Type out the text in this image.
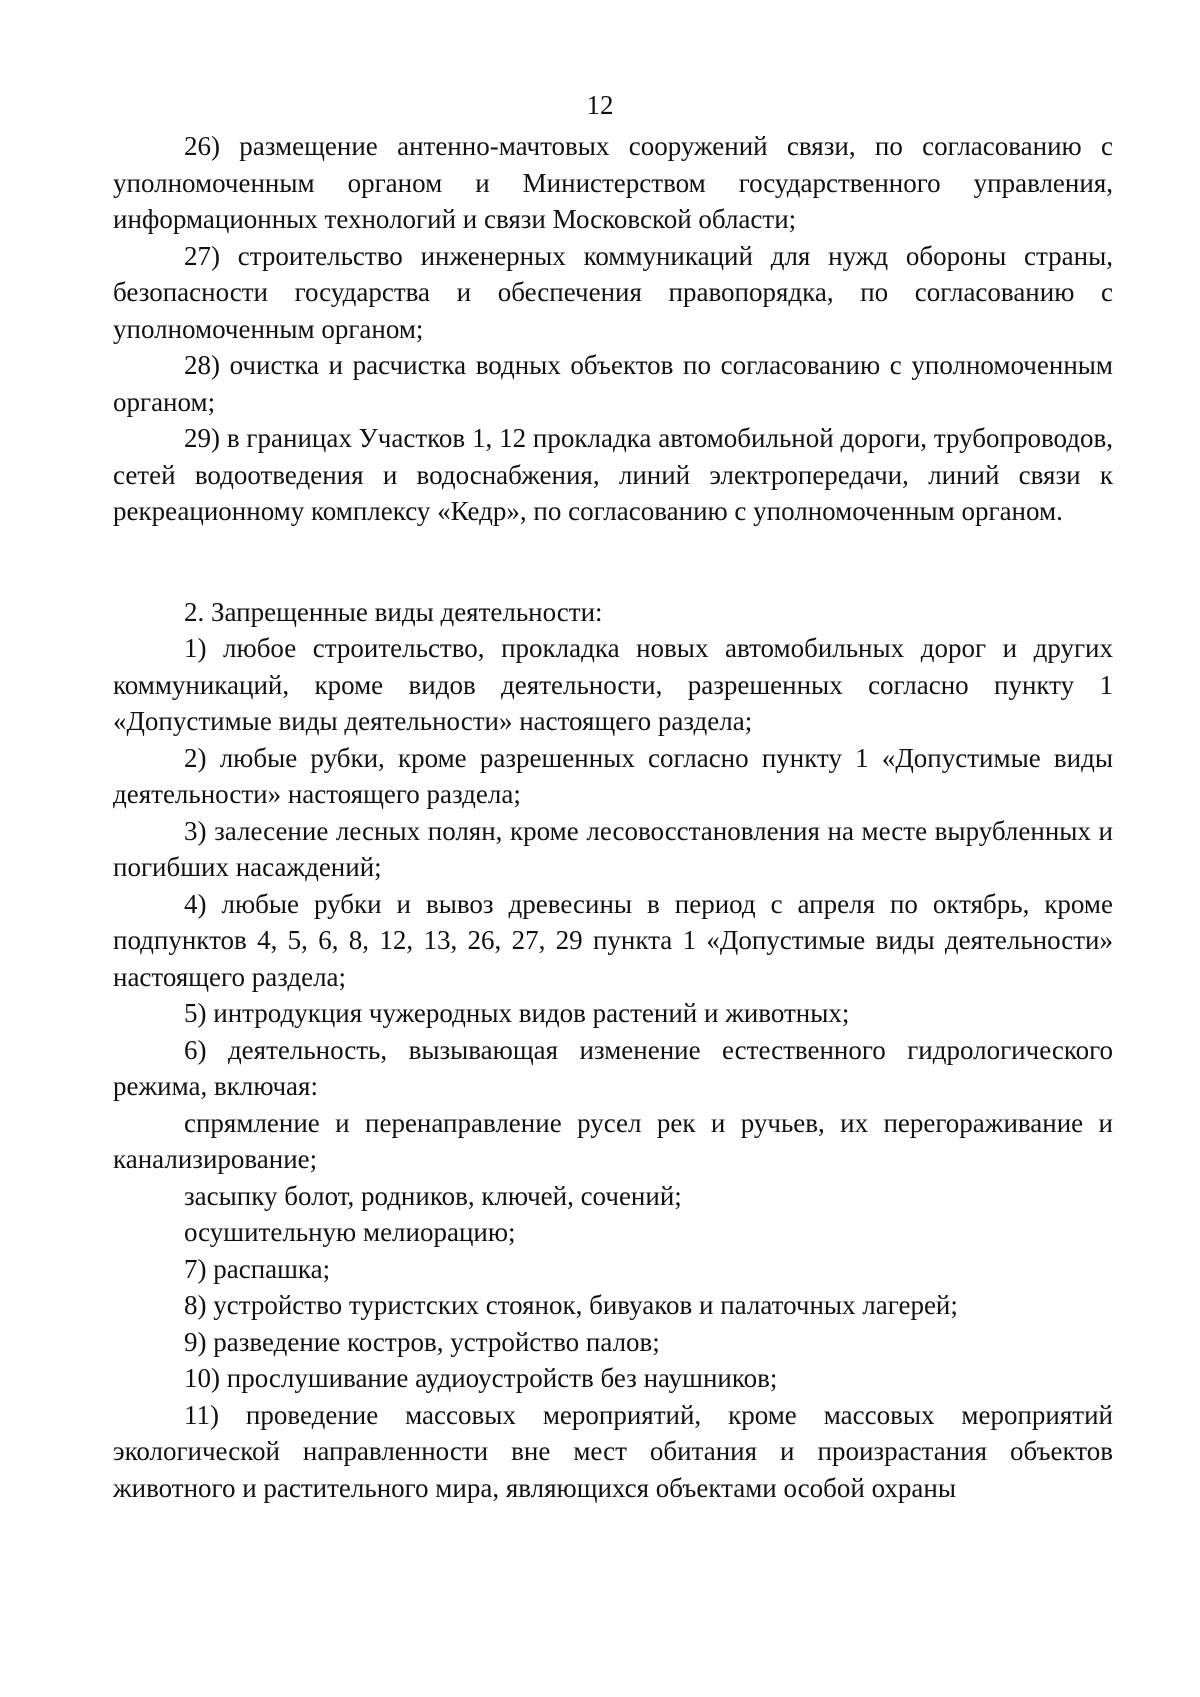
12

26) размещение антенно-мачтовых сооружений связи, по согласованию с уполномоченным органом и Министерством государственного управления, информационных технологий и связи Московской области;

27) строительство инженерных коммуникаций для нужд обороны страны, безопасности государства и обеспечения правопорядка, по согласованию с уполномоченным органом;

28) очистка и расчистка водных объектов по согласованию с уполномоченным органом;

29) в границах Участков 1, 12 прокладка автомобильной дороги, трубопроводов, сетей водоотведения и водоснабжения, линий электропередачи, линий связи к рекреационному комплексу «Кедр», по согласованию с уполномоченным органом.

2. Запрещенные виды деятельности:

1) любое строительство, прокладка новых автомобильных дорог и других коммуникаций, кроме видов деятельности, разрешенных согласно пункту 1 «Допустимые виды деятельности» настоящего раздела;

2) любые рубки, кроме разрешенных согласно пункту 1 «Допустимые виды деятельности» настоящего раздела;

3) залесение лесных полян, кроме лесовосстановления на месте вырубленных и погибших насаждений;

4) любые рубки и вывоз древесины в период с апреля по октябрь, кроме подпунктов 4, 5, 6, 8, 12, 13, 26, 27, 29 пункта 1 «Допустимые виды деятельности» настоящего раздела;

5) интродукция чужеродных видов растений и животных;

6) деятельность, вызывающая изменение естественного гидрологического режима, включая:

спрямление и перенаправление русел рек и ручьев, их перегораживание и канализирование;

засыпку болот, родников, ключей, сочений;

осушительную мелиорацию;

7) распашка;

8) устройство туристских стоянок, бивуаков и палаточных лагерей;

9) разведение костров, устройство палов;

10) прослушивание аудиоустройств без наушников;

11) проведение массовых мероприятий, кроме массовых мероприятий экологической направленности вне мест обитания и произрастания объектов животного и растительного мира, являющихся объектами особой охраны
